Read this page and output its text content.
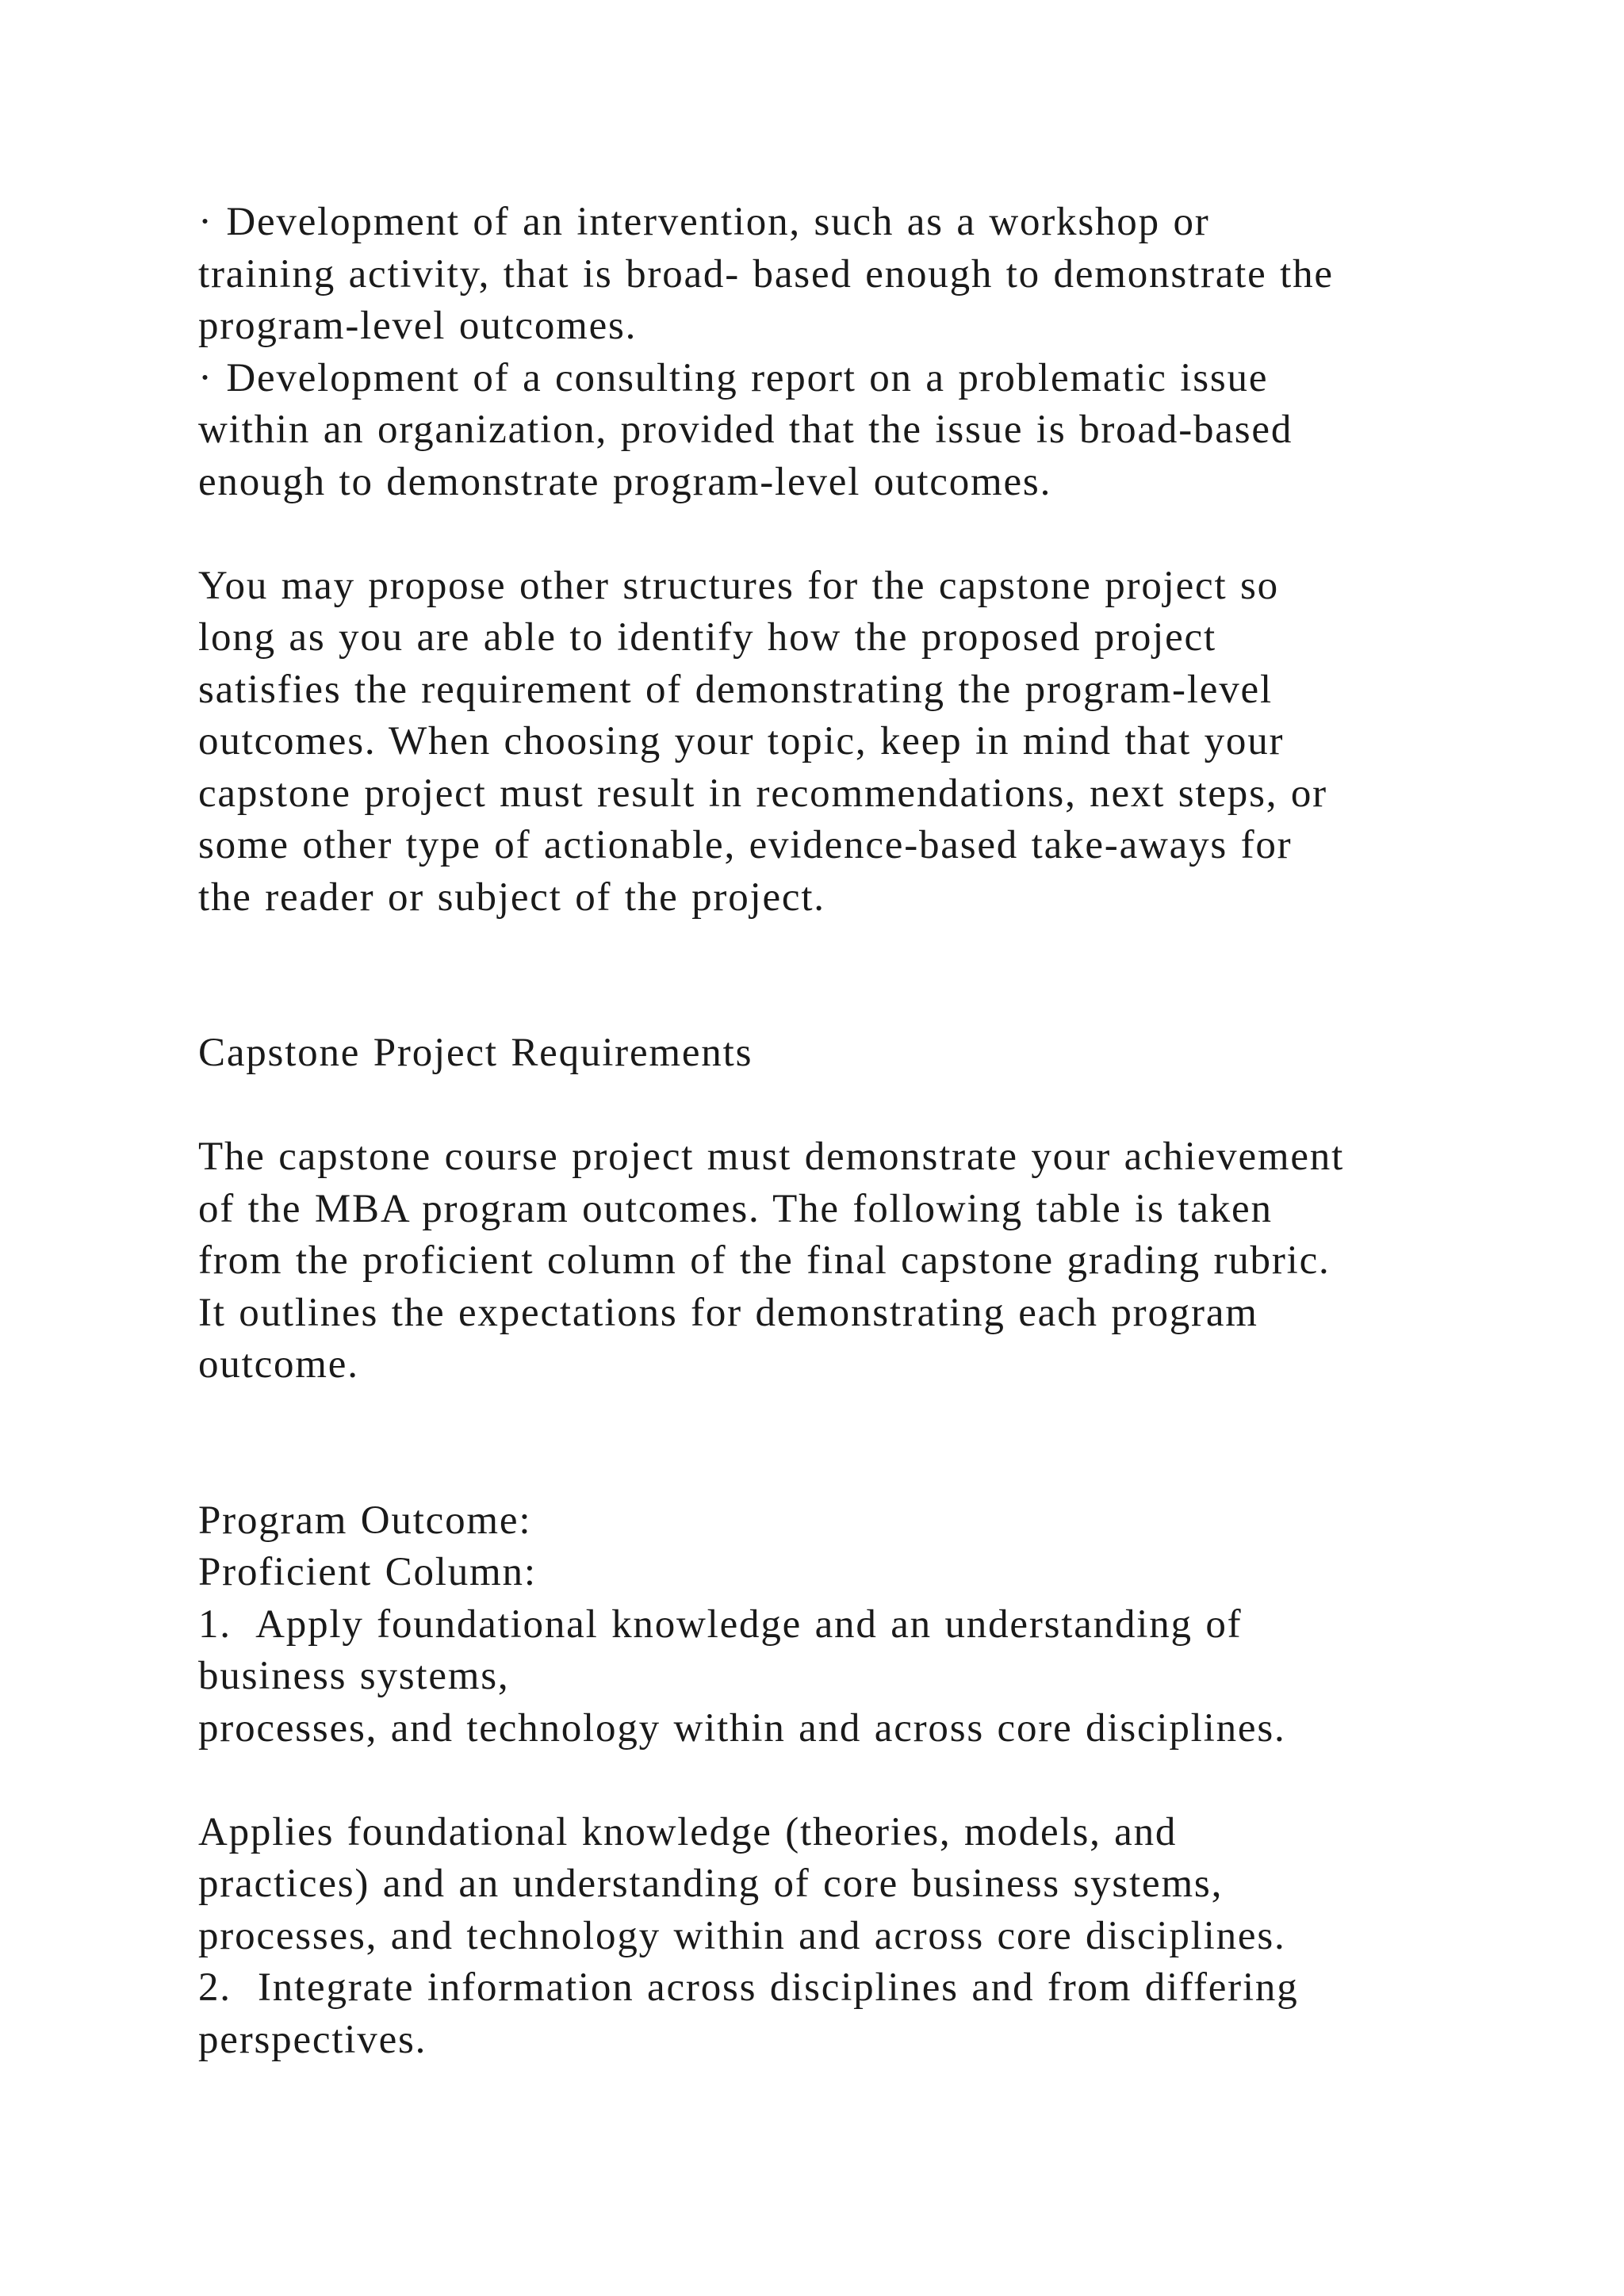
· Development of an intervention, such as a workshop or
training activity, that is broad- based enough to demonstrate the
program-level outcomes.
· Development of a consulting report on a problematic issue
within an organization, provided that the issue is broad-based
enough to demonstrate program-level outcomes.
You may propose other structures for the capstone project so
long as you are able to identify how the proposed project
satisfies the requirement of demonstrating the program-level
outcomes. When choosing your topic, keep in mind that your
capstone project must result in recommendations, next steps, or
some other type of actionable, evidence-based take-aways for
the reader or subject of the project.
Capstone Project Requirements
The capstone course project must demonstrate your achievement
of the MBA program outcomes. The following table is taken
from the proficient column of the final capstone grading rubric.
It outlines the expectations for demonstrating each program
outcome.
Program Outcome:
Proficient Column:
1.  Apply foundational knowledge and an understanding of
business systems,
processes, and technology within and across core disciplines.
Applies foundational knowledge (theories, models, and
practices) and an understanding of core business systems,
processes, and technology within and across core disciplines.
2.  Integrate information across disciplines and from differing
perspectives.
